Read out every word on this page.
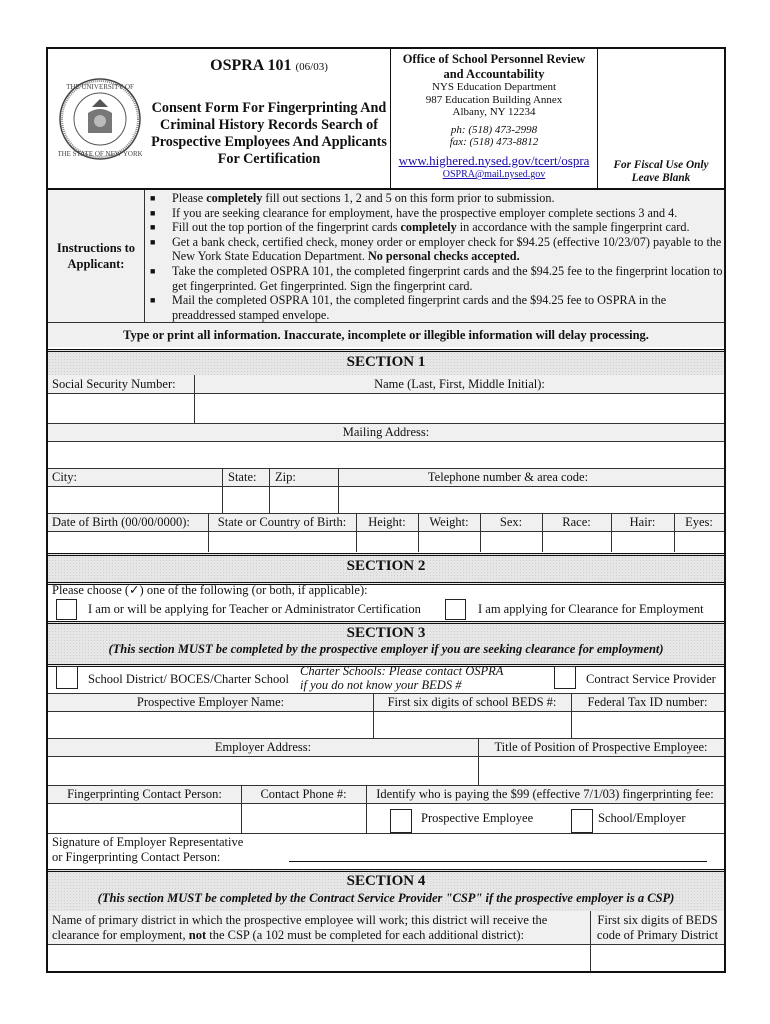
THE UNIVERSITY OF
THE STATE OF NEW YORK
OSPRA 101 (06/03)
Consent Form For Fingerprinting And
Criminal History Records Search of
Prospective Employees And Applicants
For Certification
Office of School Personnel Review
and Accountability
NYS Education Department
987 Education Building Annex
Albany, NY 12234
ph: (518) 473-2998
fax: (518) 473-8812
www.highered.nysed.gov/tcert/ospra
OSPRA@mail.nysed.gov
For Fiscal Use Only
Leave Blank
Instructions to
Applicant:
■ Please completely fill out sections 1, 2 and 5 on this form prior to submission.
■ If you are seeking clearance for employment, have the prospective employer complete sections 3 and 4.
■ Fill out the top portion of the fingerprint cards completely in accordance with the sample fingerprint card.
■ Get a bank check, certified check, money order or employer check for $94.25 (effective 10/23/07) payable to the New York State Education Department. No personal checks accepted.
■ Take the completed OSPRA 101, the completed fingerprint cards and the $94.25 fee to the fingerprint location to get fingerprinted. Get fingerprinted. Sign the fingerprint card.
■ Mail the completed OSPRA 101, the completed fingerprint cards and the $94.25 fee to OSPRA in the preaddressed stamped envelope.
Type or print all information. Inaccurate, incomplete or illegible information will delay processing.
SECTION 1
Social Security Number:	Name (Last, First, Middle Initial):
Mailing Address:
City:	State: Zip:	Telephone number & area code:
Date of Birth (00/00/0000):	State or Country of Birth:	Height:	Weight:	Sex:	Race:	Hair:	Eyes:
SECTION 2
Please choose (✓) one of the following (or both, if applicable):
I am or will be applying for Teacher or Administrator Certification	I am applying for Clearance for Employment
SECTION 3
(This section MUST be completed by the prospective employer if you are seeking clearance for employment)
School District/ BOCES/Charter School
Charter Schools: Please contact OSPRA
if you do not know your BEDS #	Contract Service Provider
Prospective Employer Name:	First six digits of school BEDS #:	Federal Tax ID number:
Employer Address:	Title of Position of Prospective Employee:
Fingerprinting Contact Person:	Contact Phone #:	Identify who is paying the $99 (effective 7/1/03) fingerprinting fee:
Prospective Employee	School/Employer
Signature of Employer Representative
or Fingerprinting Contact Person:
SECTION 4
(This section MUST be completed by the Contract Service Provider "CSP" if the prospective employer is a CSP)
Name of primary district in which the prospective employee will work; this district will receive the clearance for employment, not the CSP (a 102 must be completed for each additional district):
First six digits of BEDS
code of Primary District
